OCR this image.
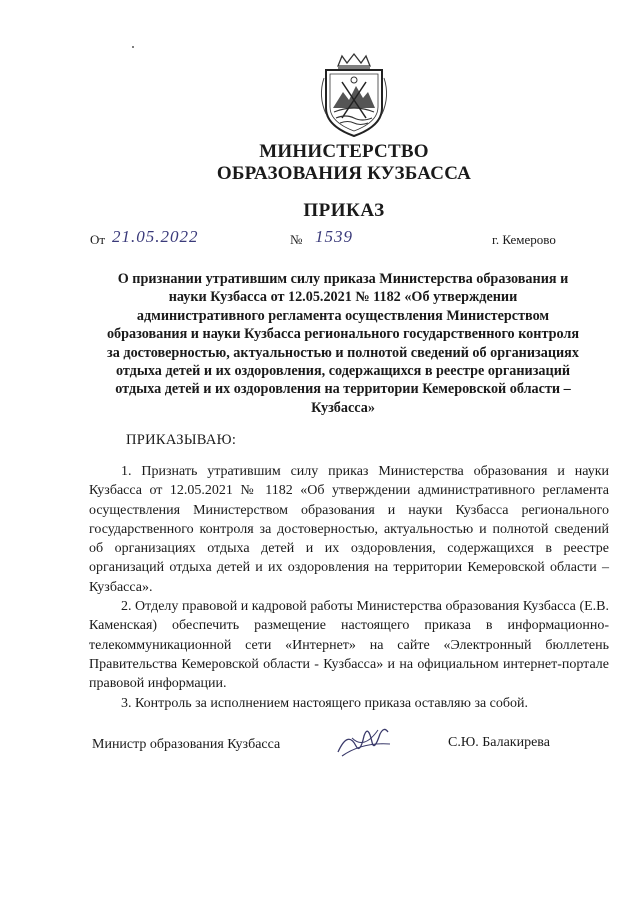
МИНИСТЕРСТВО
ОБРАЗОВАНИЯ КУЗБАССА
ПРИКАЗ
От 21.05.2022	№ 1539	г. Кемерово
О признании утратившим силу приказа Министерства образования и науки Кузбасса от 12.05.2021 № 1182 «Об утверждении административного регламента осуществления Министерством образования и науки Кузбасса регионального государственного контроля за достоверностью, актуальностью и полнотой сведений об организациях отдыха детей и их оздоровления, содержащихся в реестре организаций отдыха детей и их оздоровления на территории Кемеровской области – Кузбасса»
ПРИКАЗЫВАЮ:

1. Признать утратившим силу приказ Министерства образования и науки Кузбасса от 12.05.2021 № 1182 «Об утверждении административного регламента осуществления Министерством образования и науки Кузбасса регионального государственного контроля за достоверностью, актуальностью и полнотой сведений об организациях отдыха детей и их оздоровления, содержащихся в реестре организаций отдыха детей и их оздоровления на территории Кемеровской области – Кузбасса».

2. Отделу правовой и кадровой работы Министерства образования Кузбасса (Е.В. Каменская) обеспечить размещение настоящего приказа в информационно-телекоммуникационной сети «Интернет» на сайте «Электронный бюллетень Правительства Кемеровской области - Кузбасса» и на официальном интернет-портале правовой информации.

3. Контроль за исполнением настоящего приказа оставляю за собой.

Министр образования Кузбасса	С.Ю. Балакирева
